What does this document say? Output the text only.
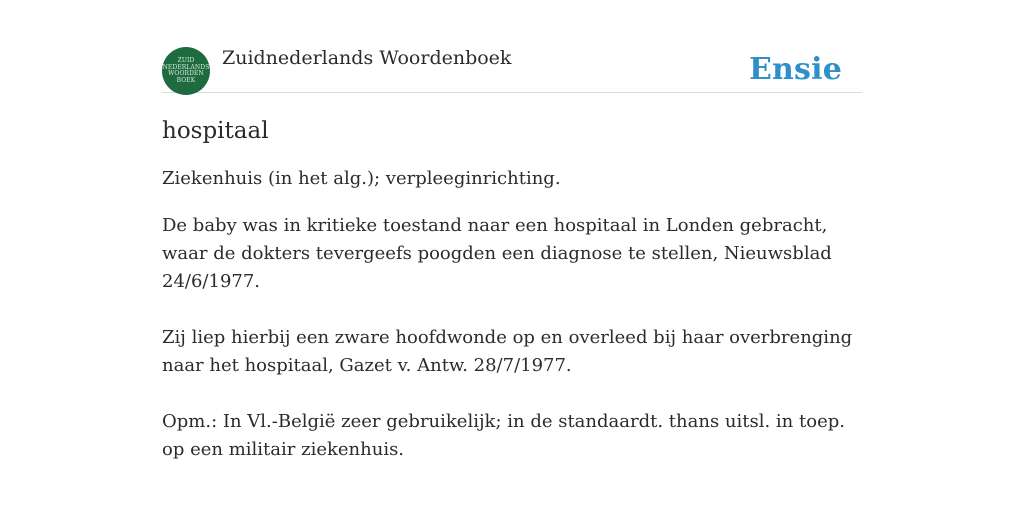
ZUID
NEDERLANDS
WOORDEN
BOEK
Zuidnederlands Woordenboek	Ensie
hospitaal

Ziekenhuis (in het alg.); verpleeginrichting.

De baby was in kritieke toestand naar een hospitaal in Londen gebracht, waar de dokters tevergeefs poogden een diagnose te stellen, Nieuwsblad 24/6/1977.

Zij liep hierbij een zware hoofdwonde op en overleed bij haar overbrenging naar het hospitaal, Gazet v. Antw. 28/7/1977.

Opm.: In Vl.-België zeer gebruikelijk; in de standaardt. thans uitsl. in toep. op een militair ziekenhuis.
